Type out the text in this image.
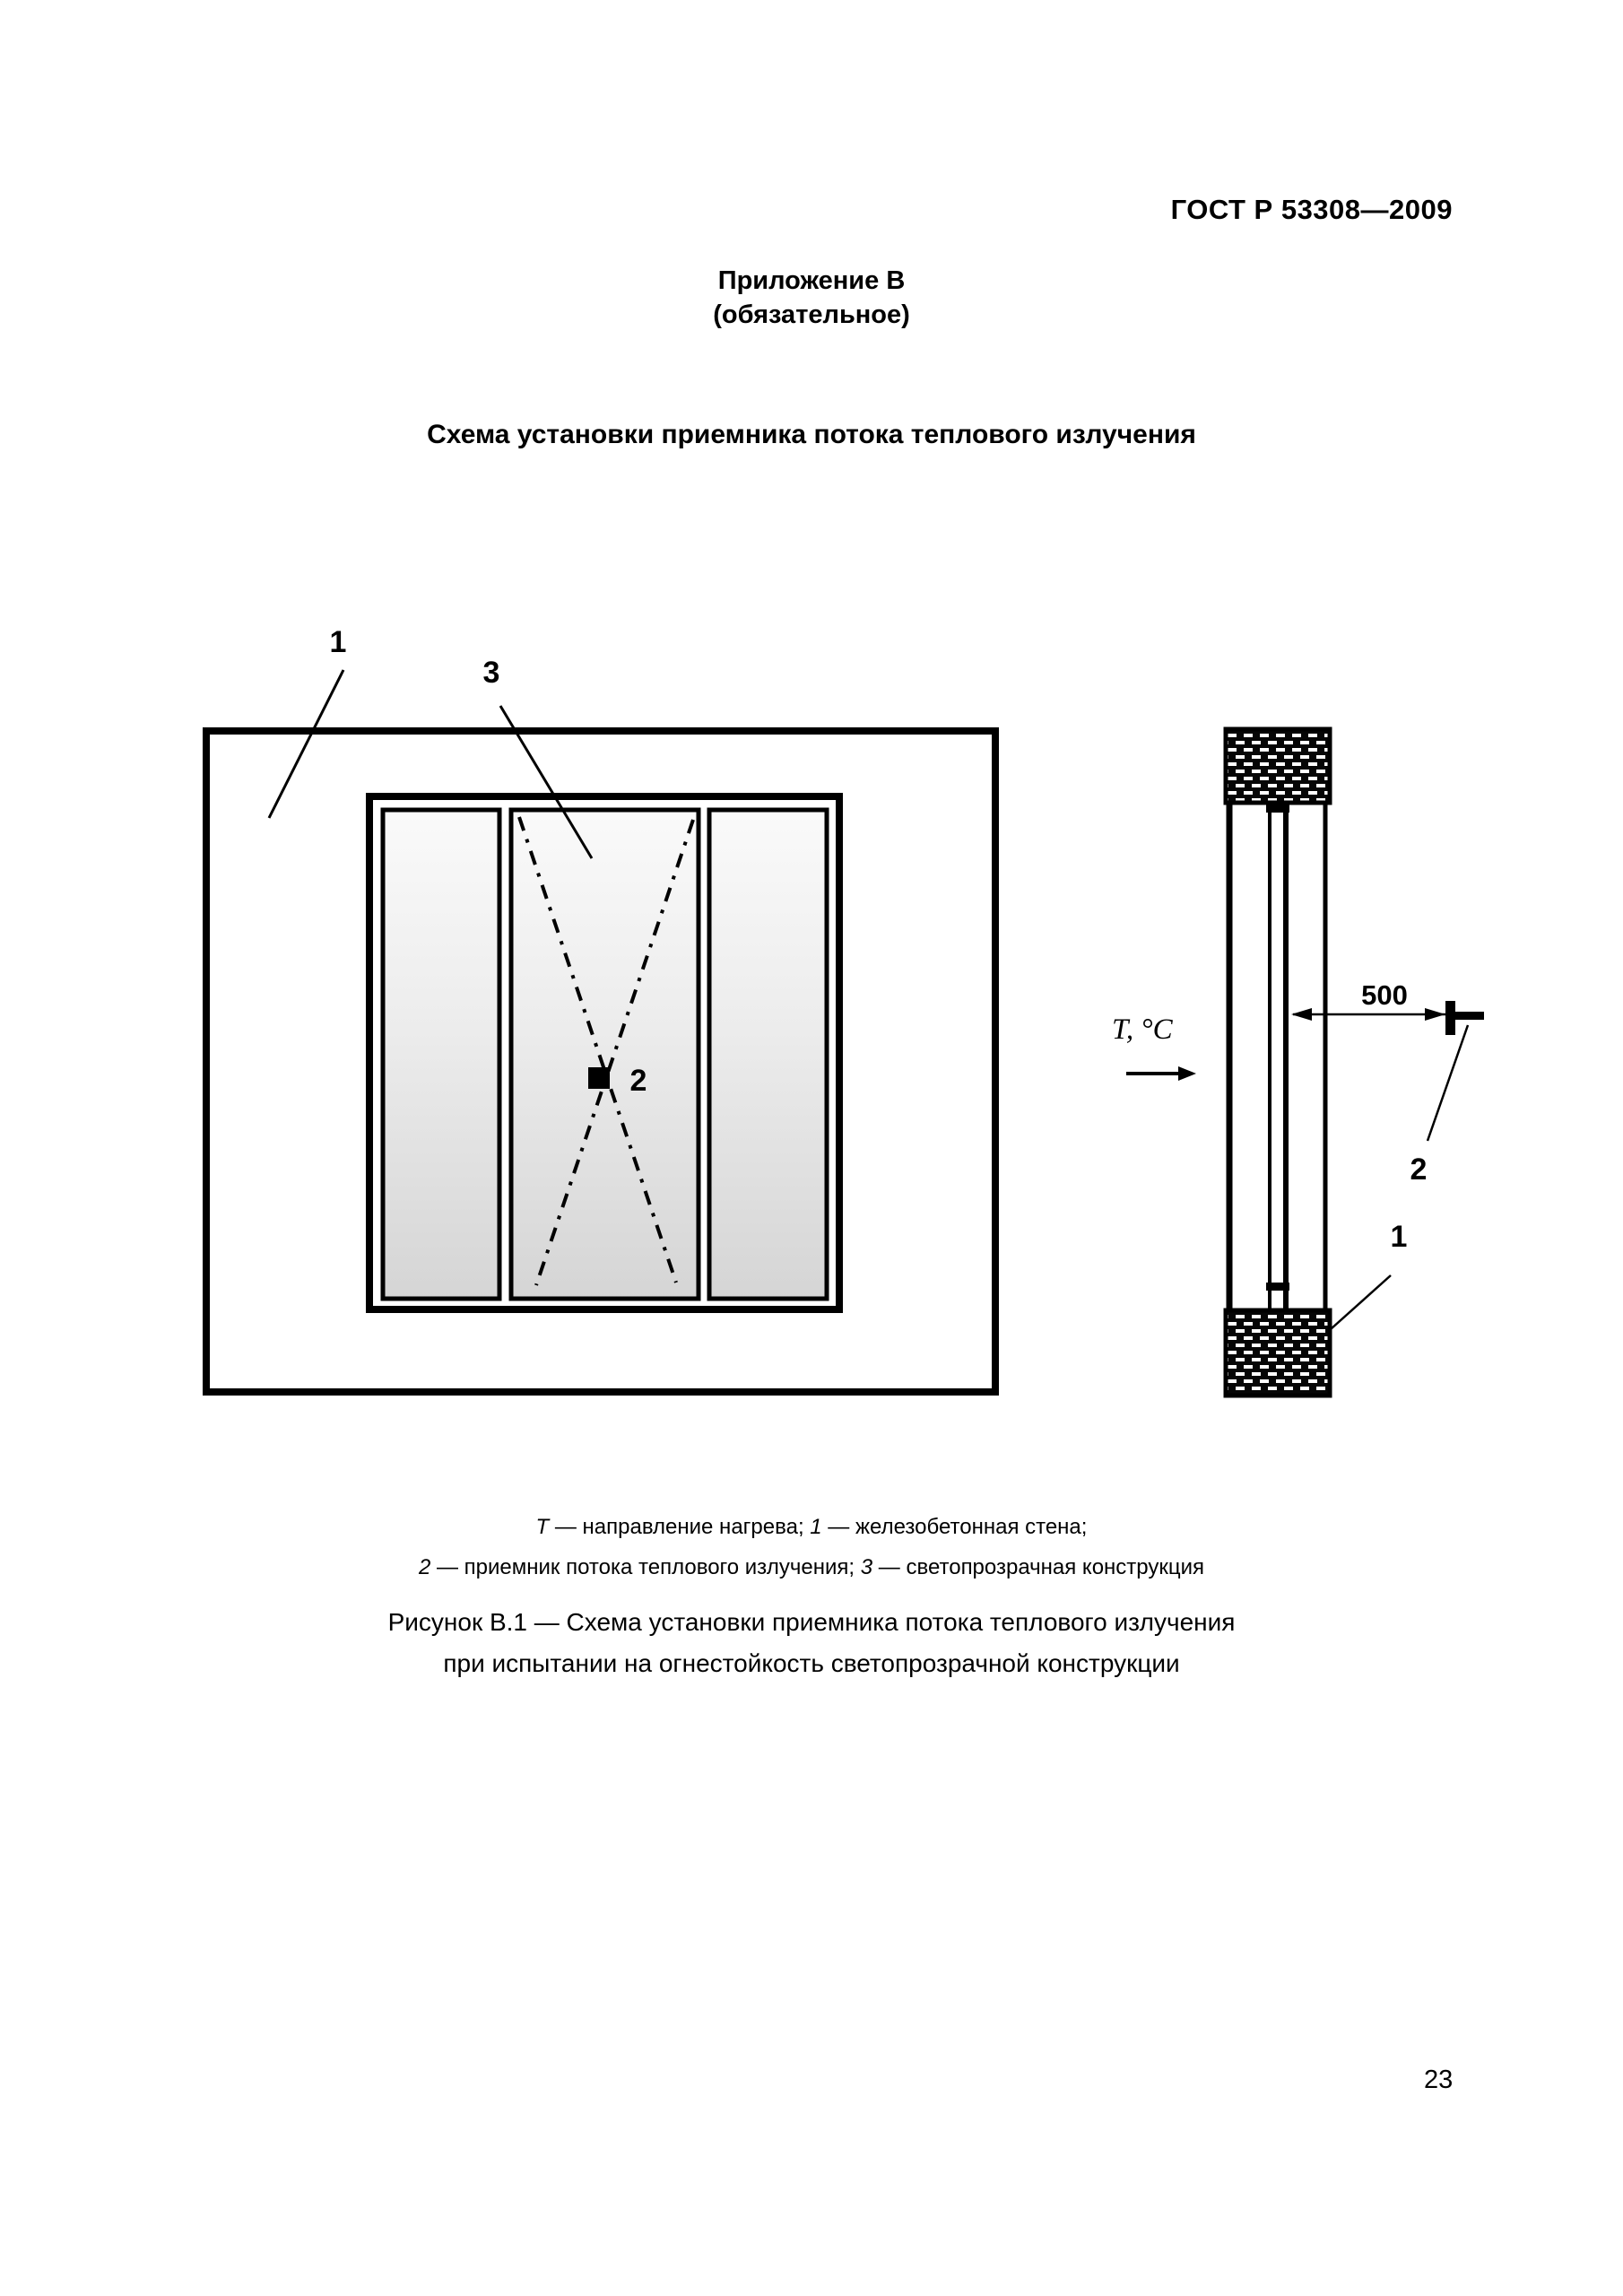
ГОСТ Р 53308—2009
Приложение В
(обязательное)
Схема установки приемника потока теплового излучения
1
3
2
T, °C
500
2
1
Т — направление нагрева; 1 — железобетонная стена;
2 — приемник потока теплового излучения; 3 — светопрозрачная конструкция
Рисунок В.1 — Схема установки приемника потока теплового излучения
при испытании на огнестойкость светопрозрачной конструкции
23
